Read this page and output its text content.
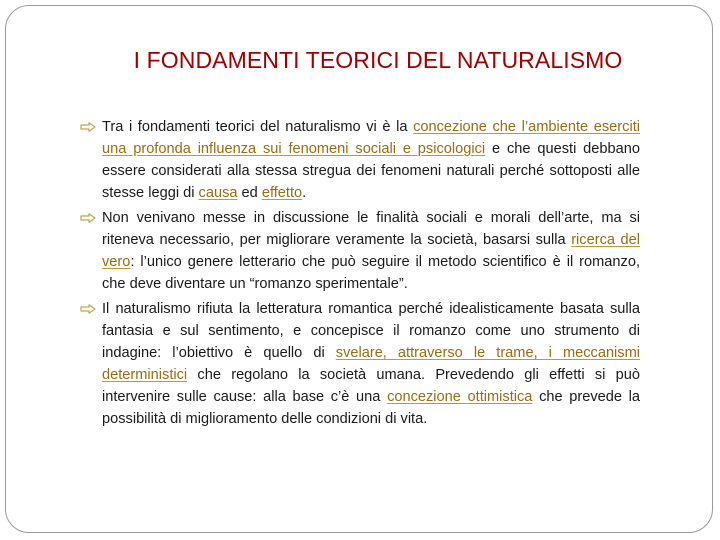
I FONDAMENTI TEORICI DEL NATURALISMO
Tra i fondamenti teorici del naturalismo vi è la concezione che l’ambiente eserciti una profonda influenza sui fenomeni sociali e psicologici e che questi debbano essere considerati alla stessa stregua dei fenomeni naturali perché sottoposti alle stesse leggi di causa ed effetto.
Non venivano messe in discussione le finalità sociali e morali dell’arte, ma si riteneva necessario, per migliorare veramente la società, basarsi sulla ricerca del vero: l’unico genere letterario che può seguire il metodo scientifico è il romanzo, che deve diventare un “romanzo sperimentale”.
Il naturalismo rifiuta la letteratura romantica perché idealisticamente basata sulla fantasia e sul sentimento, e concepisce il romanzo come uno strumento di indagine: l’obiettivo è quello di svelare, attraverso le trame, i meccanismi deterministici che regolano la società umana. Prevedendo gli effetti si può intervenire sulle cause: alla base c’è una concezione ottimistica che prevede la possibilità di miglioramento delle condizioni di vita.
